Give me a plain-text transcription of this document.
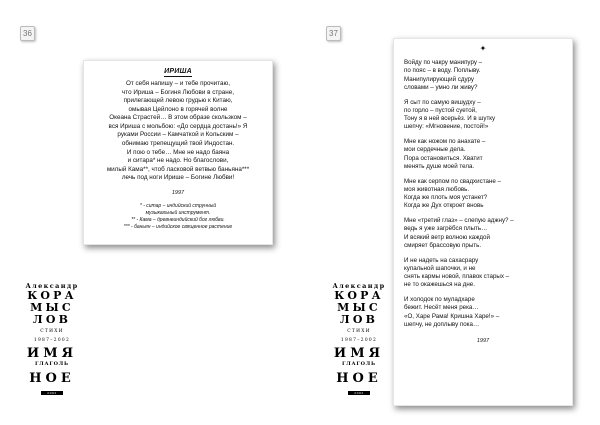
36	37
ИРИША
От себя напишу – и тебе прочитаю,
что Ириша – Богиня Любови в стране,
прилегающей левою грудью к Китаю,
омывая Цейлоно в горячей волне
Океана Страстей… В этом образе скользком –
вся Ириша с мольбою: «До сердца достань!» Я
руками России – Камчаткой и Кольским –
обнимаю трепещущий твой Индостан.
И пою о тебе… Мне не надо баяна
и ситара* не надо. Но благослови,
милый Кама**, чтоб ласковой ветвью баньяна***
лечь под ноги Ирише – Богине Любви!
1997
* - ситар – индийский струнный
музыкальный инструмент.
** - Кама – древнеиндийский бог любви.
*** - баньян – индийское священное растение
✦
Войду по чакру манипуру –
по пояс – в воду. Поплыву.
Манипулирующий сдуру
словами – умно ли живу?
Я сыт по самую вишудху –
по горло – пустой суетой,
Тону я в ней всерьёз. И в шутку
шепчу: «Мгновение, постой!»
Мне как ножом по анахате –
мои сердечные дела.
Пора остановиться. Хватит
менять душе моей тела.
Мне как серпом по свадхистане –
моя животная любовь.
Когда же плоть моя устанет?
Когда же Дух откроет вновь
Мне «третий глаз» – слепую аджну? –
ведь я уже загрёбся плыть…
И всякий ветр волною каждой
смиряет брассовую прыть.
И не надеть на сахасрару
купальной шапочки, и не
снять кармы новой, плавок старых –
не то окажешься на дне.
И холодок по муладхаре
бежит. Несёт меня река…
«О, Харе Рама! Кришна Харе!» –
шепчу, не доплыву пока…
1997
Александр
КОРА
МЫС
ЛОВ
СТИХИ
1987–2002
ИМЯ
ГЛАГОЛЬ
НОЕ
2002
Александр
КОРА
МЫС
ЛОВ
СТИХИ
1987–2002
ИМЯ
ГЛАГОЛЬ
НОЕ
2002
